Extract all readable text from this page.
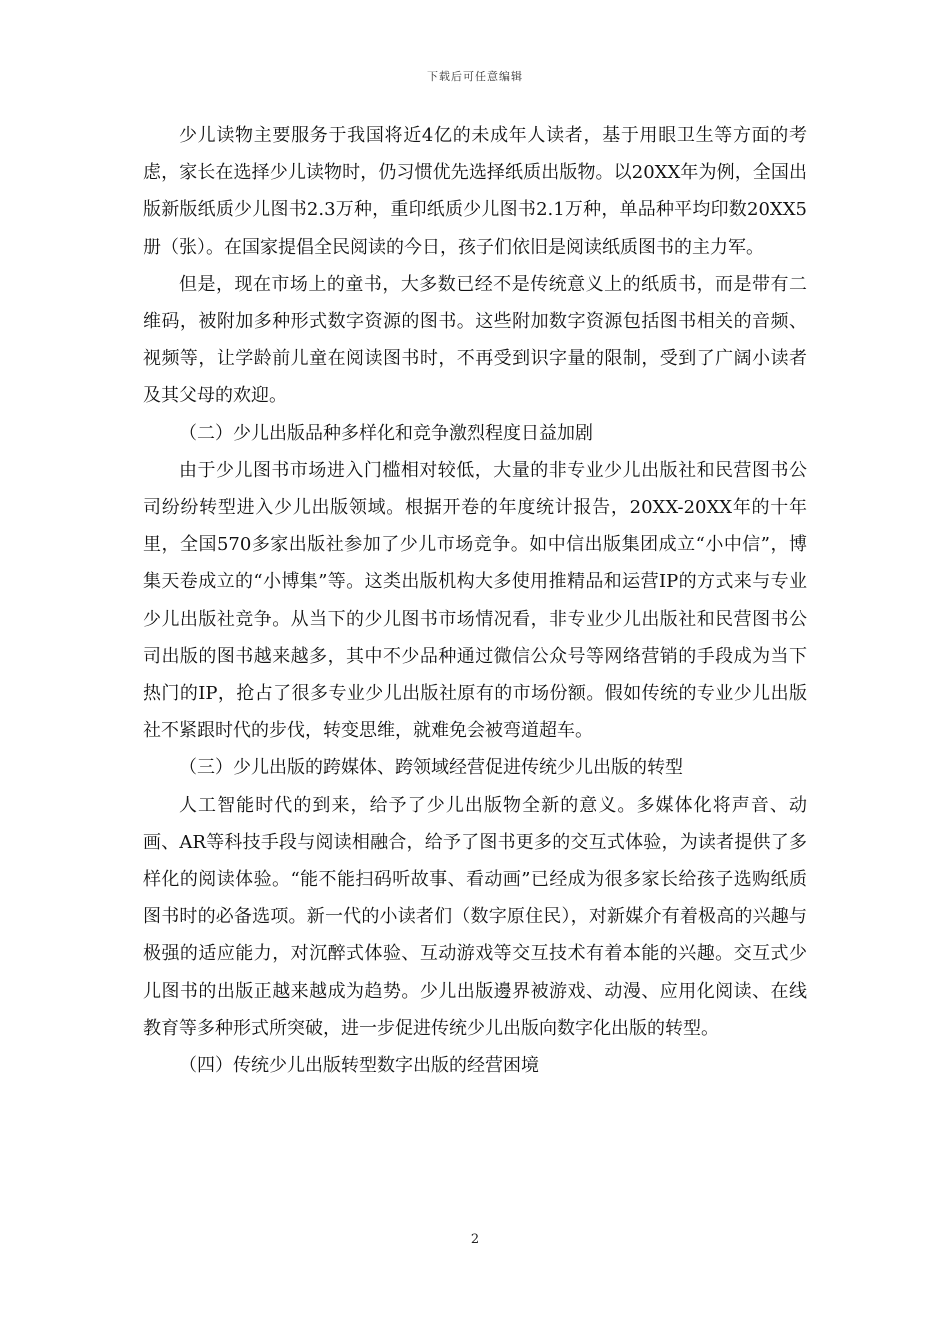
下载后可任意编辑

少儿读物主要服务于我国将近4亿的未成年人读者，基于用眼卫生等方面的考虑，家长在选择少儿读物时，仍习惯优先选择纸质出版物。以20XX年为例，全国出版新版纸质少儿图书2.3万种，重印纸质少儿图书2.1万种，单品种平均印数20XX5册（张）。在国家提倡全民阅读的今日，孩子们依旧是阅读纸质图书的主力军。

但是，现在市场上的童书，大多数已经不是传统意义上的纸质书，而是带有二维码，被附加多种形式数字资源的图书。这些附加数字资源包括图书相关的音频、视频等，让学龄前儿童在阅读图书时，不再受到识字量的限制，受到了广阔小读者及其父母的欢迎。

（二）少儿出版品种多样化和竞争激烈程度日益加剧

由于少儿图书市场进入门槛相对较低，大量的非专业少儿出版社和民营图书公司纷纷转型进入少儿出版领域。根据开卷的年度统计报告，20XX-20XX年的十年里，全国570多家出版社参加了少儿市场竞争。如中信出版集团成立“小中信”，博集天卷成立的“小博集”等。这类出版机构大多使用推精品和运营IP的方式来与专业少儿出版社竞争。从当下的少儿图书市场情况看，非专业少儿出版社和民营图书公司出版的图书越来越多，其中不少品种通过微信公众号等网络营销的手段成为当下热门的IP，抢占了很多专业少儿出版社原有的市场份额。假如传统的专业少儿出版社不紧跟时代的步伐，转变思维，就难免会被弯道超车。

（三）少儿出版的跨媒体、跨领域经营促进传统少儿出版的转型

人工智能时代的到来，给予了少儿出版物全新的意义。多媒体化将声音、动画、AR等科技手段与阅读相融合，给予了图书更多的交互式体验，为读者提供了多样化的阅读体验。“能不能扫码听故事、看动画”已经成为很多家长给孩子选购纸质图书时的必备选项。新一代的小读者们（数字原住民），对新媒介有着极高的兴趣与极强的适应能力，对沉醉式体验、互动游戏等交互技术有着本能的兴趣。交互式少儿图书的出版正越来越成为趋势。少儿出版邊界被游戏、动漫、应用化阅读、在线教育等多种形式所突破，进一步促进传统少儿出版向数字化出版的转型。

（四）传统少儿出版转型数字出版的经营困境

2
